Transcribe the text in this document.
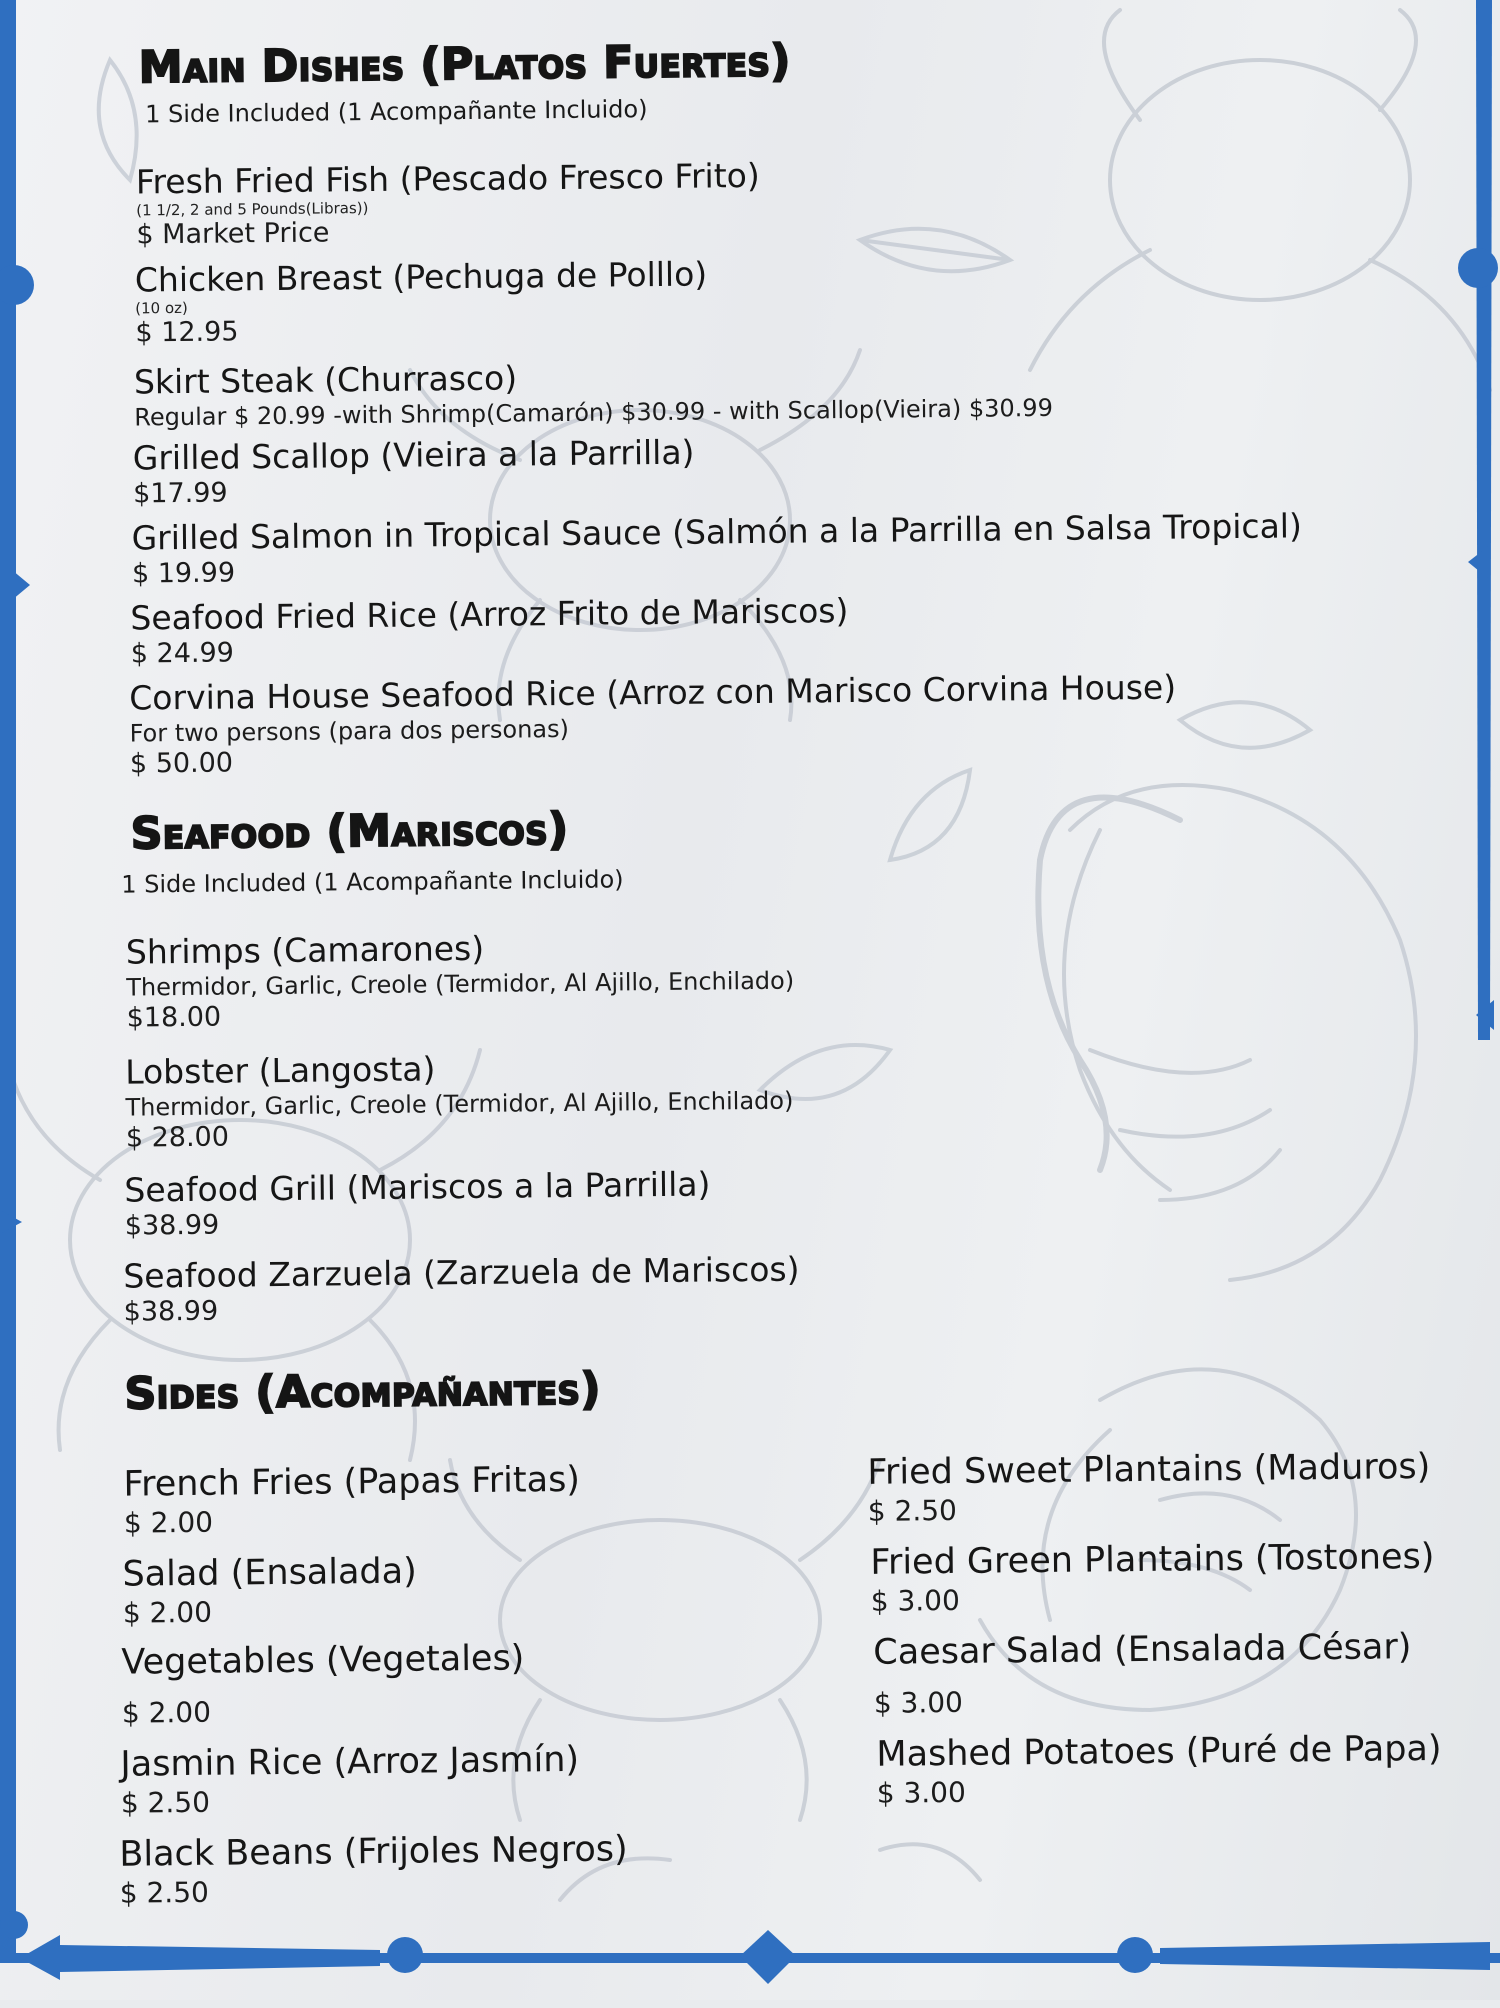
Main Dishes (Platos Fuertes)
1 Side Included (1 Acompañante Incluido)
Fresh Fried Fish (Pescado Fresco Frito)
(1 1/2, 2 and 5 Pounds(Libras))
$ Market Price
Chicken Breast (Pechuga de Polllo)
(10 oz)
$ 12.95
Skirt Steak (Churrasco)
Regular $ 20.99 -with Shrimp(Camarón) $30.99 - with Scallop(Vieira) $30.99
Grilled Scallop (Vieira a la Parrilla)
$17.99
Grilled Salmon in Tropical Sauce (Salmón a la Parrilla en Salsa Tropical)
$ 19.99
Seafood Fried Rice (Arroz Frito de Mariscos)
$ 24.99
Corvina House Seafood Rice (Arroz con Marisco Corvina House)
For two persons (para dos personas)
$ 50.00
Seafood (Mariscos)
1 Side Included (1 Acompañante Incluido)
Shrimps (Camarones)
Thermidor, Garlic, Creole (Termidor, Al Ajillo, Enchilado)
$18.00
Lobster (Langosta)
Thermidor, Garlic, Creole (Termidor, Al Ajillo, Enchilado)
$ 28.00
Seafood Grill (Mariscos a la Parrilla)
$38.99
Seafood Zarzuela (Zarzuela de Mariscos)
$38.99
Sides (Acompañantes)
French Fries (Papas Fritas)
$ 2.00
Salad (Ensalada)
$ 2.00
Vegetables (Vegetales)
$ 2.00
Jasmin Rice (Arroz Jasmín)
$ 2.50
Black Beans (Frijoles Negros)
$ 2.50
Fried Sweet Plantains (Maduros)
$ 2.50
Fried Green Plantains (Tostones)
$ 3.00
Caesar Salad (Ensalada César)
$ 3.00
Mashed Potatoes (Puré de Papa)
$ 3.00
